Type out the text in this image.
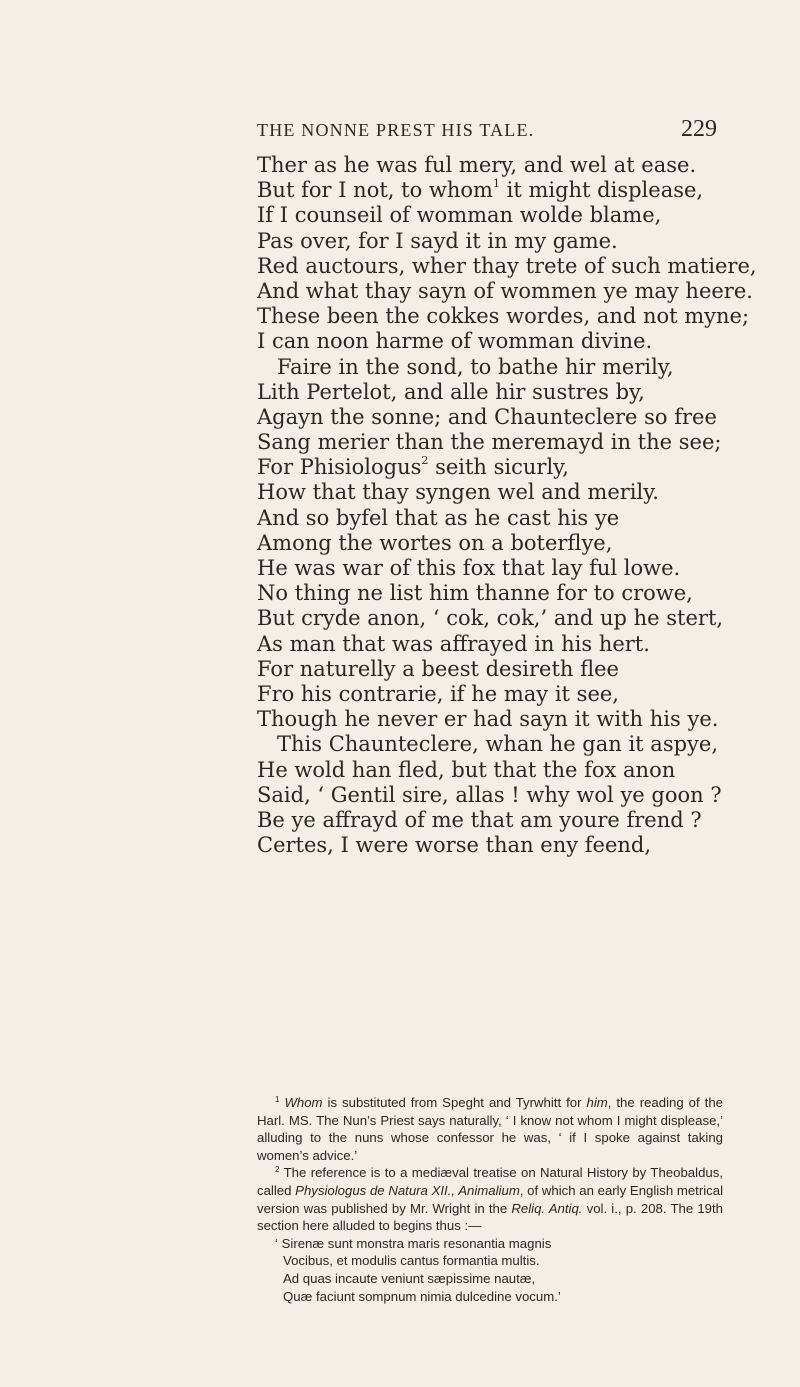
THE NONNE PREST HIS TALE.	229
Ther as he was ful mery, and wel at ease.
But for I not, to whom$^1$ it might displease,
If I counseil of womman wolde blame,
Pas over, for I sayd it in my game.
Red auctours, wher thay trete of such matiere,
And what thay sayn of wommen ye may heere.
These been the cokkes wordes, and not myne;
I can noon harme of womman divine.
Faire in the sond, to bathe hir merily,
Lith Pertelot, and alle hir sustres by,
Agayn the sonne; and Chaunteclere so free
Sang merier than the meremayd in the see;
For Phisiologus$^2$ seith sicurly,
How that thay syngen wel and merily.
And so byfel that as he cast his ye
Among the wortes on a boterflye,
He was war of this fox that lay ful lowe.
No thing ne list him thanne for to crowe,
But cryde anon, ‘ cok, cok,’ and up he stert,
As man that was affrayed in his hert.
For naturelly a beest desireth flee
Fro his contrarie, if he may it see,
Though he never er had sayn it with his ye.
This Chaunteclere, whan he gan it aspye,
He wold han fled, but that the fox anon
Said, ‘ Gentil sire, allas ! why wol ye goon ?
Be ye affrayd of me that am youre frend ?
Certes, I were worse than eny feend,

$^1$ Whom is substituted from Speght and Tyrwhitt for him, the reading of the Harl. MS. The Nun’s Priest says naturally, ‘ I know not whom I might displease,’ alluding to the nuns whose confessor he was, ‘ if I spoke against taking women’s advice.’

$^2$ The reference is to a mediæval treatise on Natural History by Theobaldus, called Physiologus de Natura XII., Animalium, of which an early English metrical version was published by Mr. Wright in the Reliq. Antiq. vol. i., p. 208. The 19th section here alluded to begins thus :—

‘ Sirenæ sunt monstra maris resonantia magnis
Vocibus, et modulis cantus formantia multis.
Ad quas incaute veniunt sæpissime nautæ,
Quæ faciunt sompnum nimia dulcedine vocum.’
